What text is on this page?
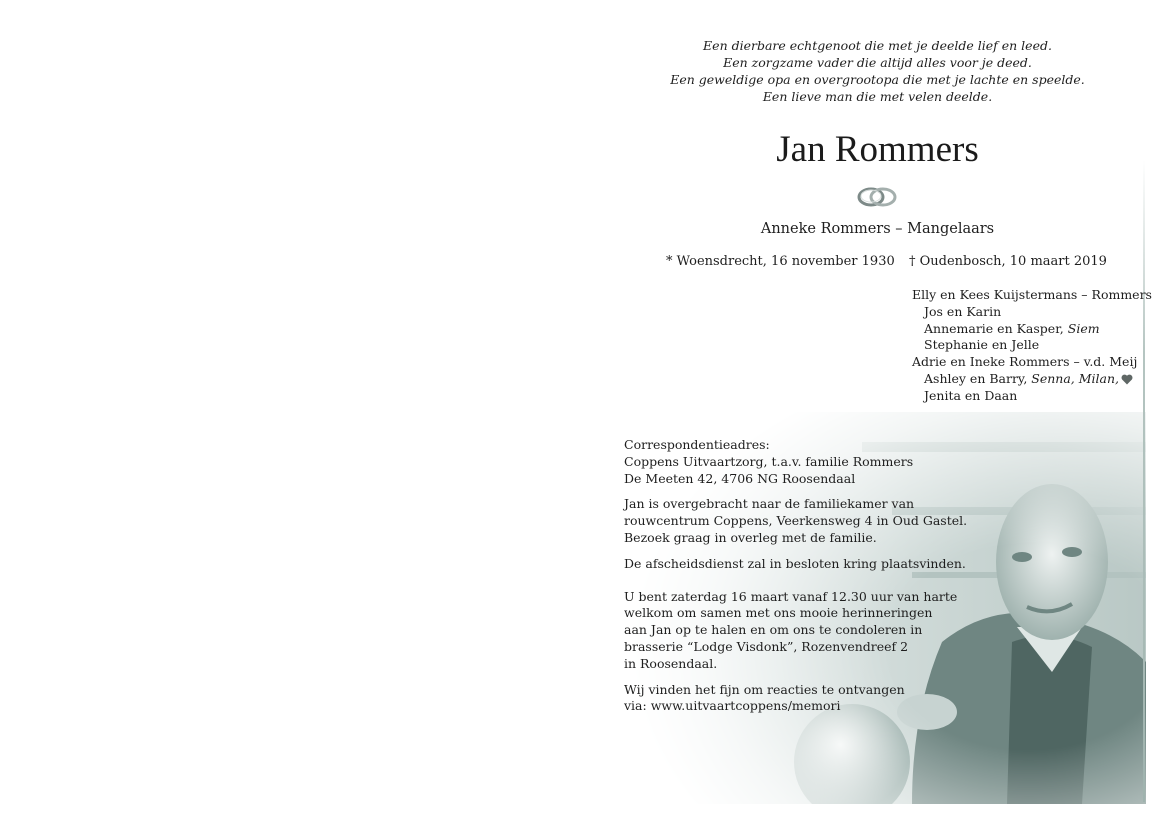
Een dierbare echtgenoot die met je deelde lief en leed.
Een zorgzame vader die altijd alles voor je deed.
Een geweldige opa en overgrootopa die met je lachte en speelde.
Een lieve man die met velen deelde.
Jan Rommers
Anneke Rommers – Mangelaars
* Woensdrecht, 16 november 1930 † Oudenbosch, 10 maart 2019
Elly en Kees Kuijstermans – Rommers
Jos en Karin
Annemarie en Kasper, Siem
Stephanie en Jelle
Adrie en Ineke Rommers – v.d. Meij
Ashley en Barry, Senna, Milan,
Jenita en Daan
Correspondentieadres:
Coppens Uitvaartzorg, t.a.v. familie Rommers
De Meeten 42, 4706 NG Roosendaal
Jan is overgebracht naar de familiekamer van
rouwcentrum Coppens, Veerkensweg 4 in Oud Gastel.
Bezoek graag in overleg met de familie.
De afscheidsdienst zal in besloten kring plaatsvinden.
U bent zaterdag 16 maart vanaf 12.30 uur van harte
welkom om samen met ons mooie herinneringen
aan Jan op te halen en om ons te condoleren in
brasserie “Lodge Visdonk”, Rozenvendreef 2
in Roosendaal.
Wij vinden het fijn om reacties te ontvangen
via: www.uitvaartcoppens/memori
